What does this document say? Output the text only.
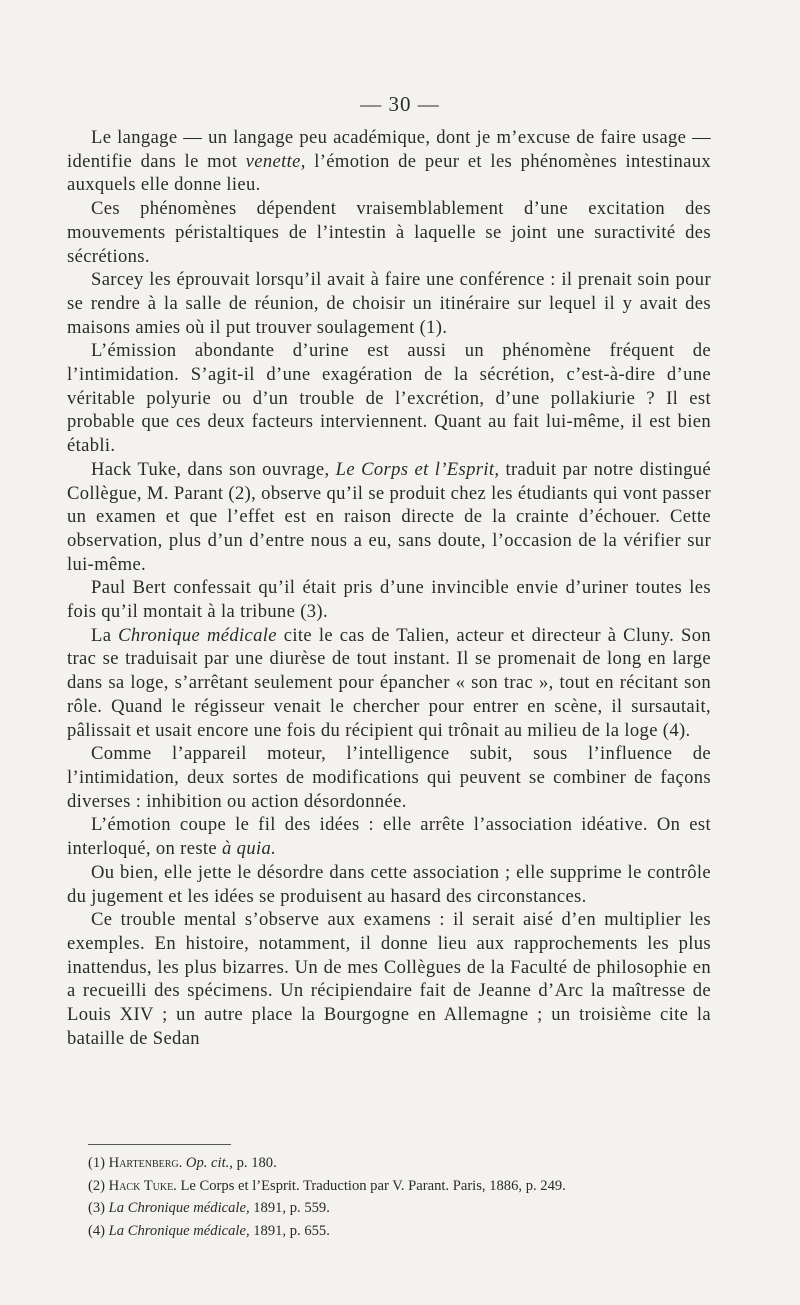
— 30 —

Le langage — un langage peu académique, dont je m’excuse de faire usage — identifie dans le mot venette, l’émotion de peur et les phénomènes intestinaux auxquels elle donne lieu.

Ces phénomènes dépendent vraisemblablement d’une excitation des mouvements péristaltiques de l’intestin à laquelle se joint une suractivité des sécrétions.

Sarcey les éprouvait lorsqu’il avait à faire une conférence : il prenait soin pour se rendre à la salle de réunion, de choisir un itinéraire sur lequel il y avait des maisons amies où il put trouver soulagement (1).

L’émission abondante d’urine est aussi un phénomène fréquent de l’intimidation. S’agit-il d’une exagération de la sécrétion, c’est-à-dire d’une véritable polyurie ou d’un trouble de l’excrétion, d’une pollakiurie ? Il est probable que ces deux facteurs interviennent. Quant au fait lui-même, il est bien établi.

Hack Tuke, dans son ouvrage, Le Corps et l’Esprit, traduit par notre distingué Collègue, M. Parant (2), observe qu’il se produit chez les étudiants qui vont passer un examen et que l’effet est en raison directe de la crainte d’échouer. Cette observation, plus d’un d’entre nous a eu, sans doute, l’occasion de la vérifier sur lui-même.

Paul Bert confessait qu’il était pris d’une invincible envie d’uriner toutes les fois qu’il montait à la tribune (3).

La Chronique médicale cite le cas de Talien, acteur et directeur à Cluny. Son trac se traduisait par une diurèse de tout instant. Il se promenait de long en large dans sa loge, s’arrêtant seulement pour épancher « son trac », tout en récitant son rôle. Quand le régisseur venait le chercher pour entrer en scène, il sursautait, pâlissait et usait encore une fois du récipient qui trônait au milieu de la loge (4).

Comme l’appareil moteur, l’intelligence subit, sous l’influence de l’intimidation, deux sortes de modifications qui peuvent se combiner de façons diverses : inhibition ou action désordonnée.

L’émotion coupe le fil des idées : elle arrête l’association idéative. On est interloqué, on reste à quia.

Ou bien, elle jette le désordre dans cette association ; elle supprime le contrôle du jugement et les idées se produisent au hasard des circonstances.

Ce trouble mental s’observe aux examens : il serait aisé d’en multiplier les exemples. En histoire, notamment, il donne lieu aux rapprochements les plus inattendus, les plus bizarres. Un de mes Collègues de la Faculté de philosophie en a recueilli des spécimens. Un récipiendaire fait de Jeanne d’Arc la maîtresse de Louis XIV ; un autre place la Bourgogne en Allemagne ; un troisième cite la bataille de Sedan

(1) Hartenberg. Op. cit., p. 180.
(2) Hack Tuke. Le Corps et l’Esprit. Traduction par V. Parant. Paris, 1886, p. 249.
(3) La Chronique médicale, 1891, p. 559.
(4) La Chronique médicale, 1891, p. 655.
